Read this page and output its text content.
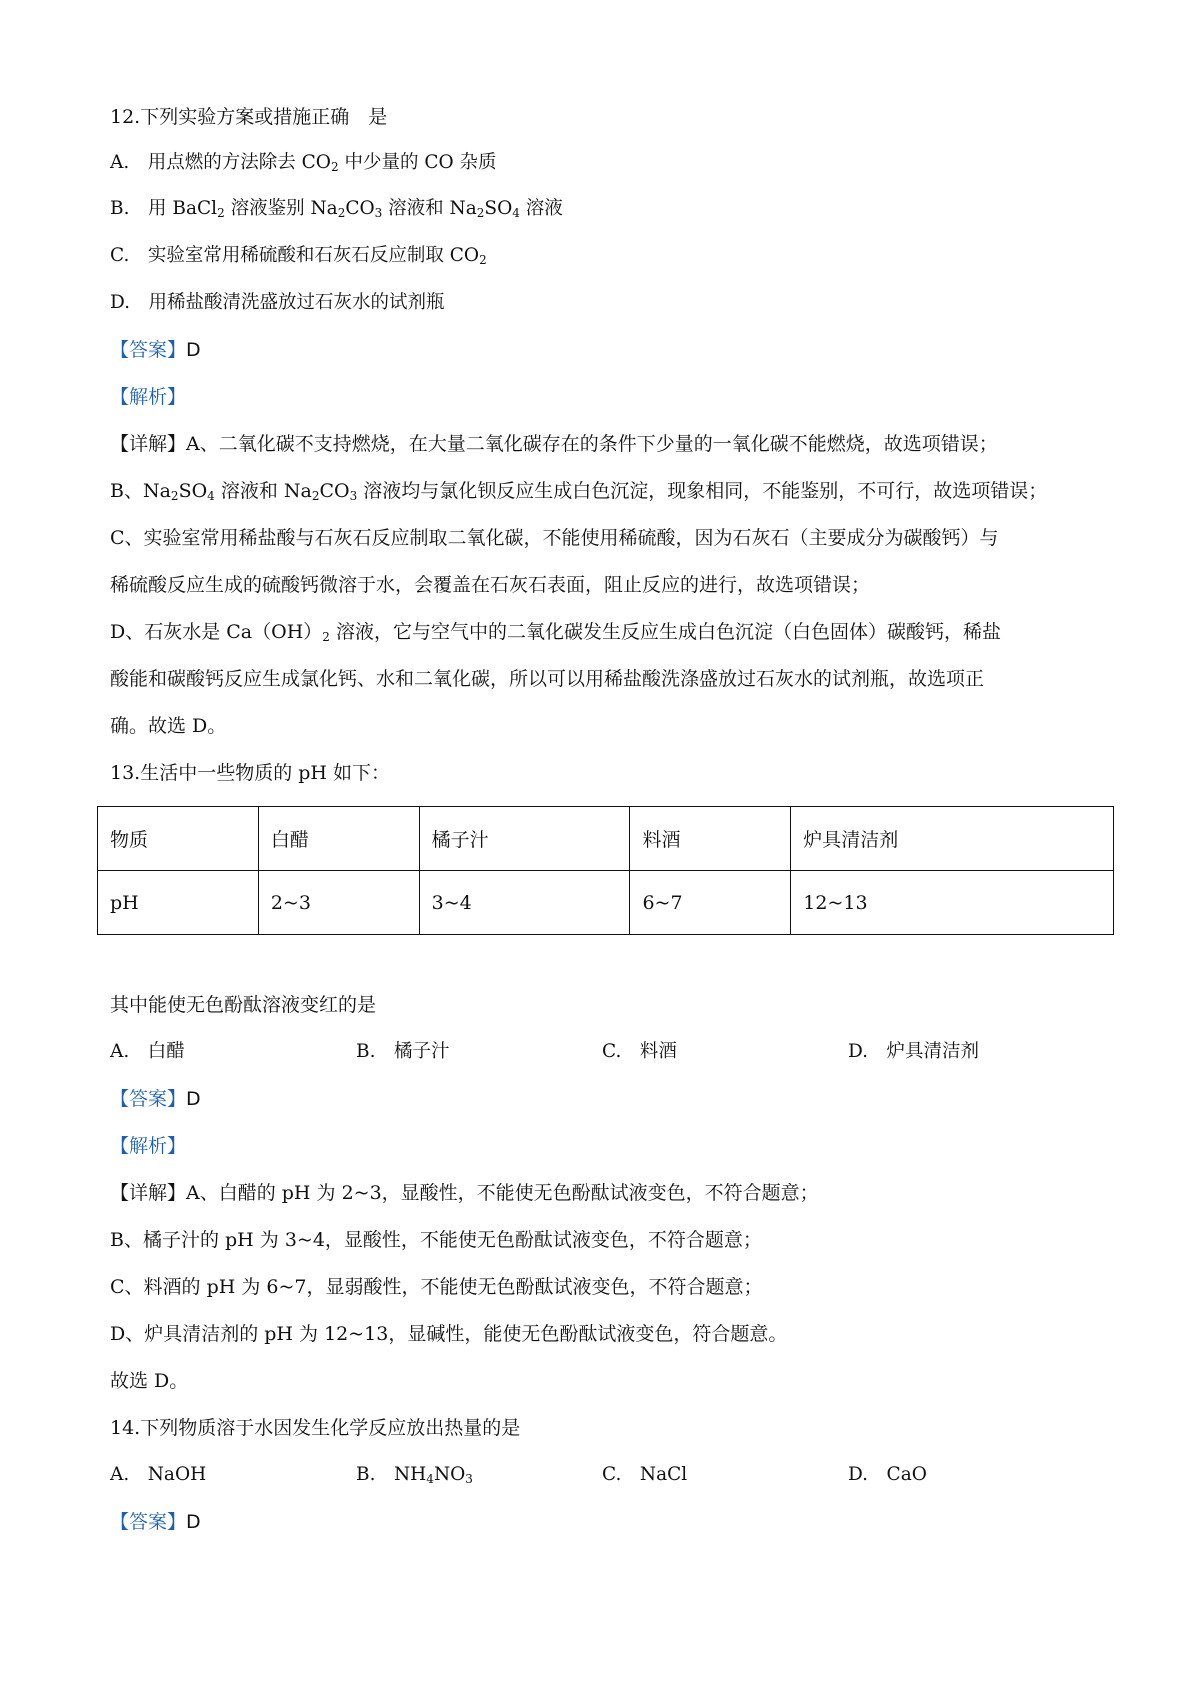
12.下列实验方案或措施正确　是
A.　用点燃的方法除去 $CO_2$ 中少量的 CO 杂质
B.　用 BaCl$_2$ 溶液鉴别 $Na_2CO_3$ 溶液和 $Na_2SO_4$ 溶液
C.　实验室常用稀硫酸和石灰石反应制取 $CO_2$
D.　用稀盐酸清洗盛放过石灰水的试剂瓶
【答案】D
【解析】
【详解】A、二氧化碳不支持燃烧，在大量二氧化碳存在的条件下少量的一氧化碳不能燃烧，故选项错误；
B、$Na_2SO_4$ 溶液和 $Na_2CO_3$ 溶液均与氯化钡反应生成白色沉淀，现象相同，不能鉴别，不可行，故选项错误；
C、实验室常用稀盐酸与石灰石反应制取二氧化碳，不能使用稀硫酸，因为石灰石（主要成分为碳酸钙）与
稀硫酸反应生成的硫酸钙微溶于水，会覆盖在石灰石表面，阻止反应的进行，故选项错误；
D、石灰水是 $Ca(OH)_2$ 溶液，它与空气中的二氧化碳发生反应生成白色沉淀（白色固体）碳酸钙，稀盐
酸能和碳酸钙反应生成氯化钙、水和二氧化碳，所以可以用稀盐酸洗涤盛放过石灰水的试剂瓶，故选项正
确。故选 D。
13.生活中一些物质的 pH 如下：
物质	白醋	橘子汁	料酒	炉具清洁剂
pH	2~3	3~4	6~7	12~13
其中能使无色酚酞溶液变红的是
A.　白醋	B.　橘子汁	C.　料酒	D.　炉具清洁剂
【答案】D
【解析】
【详解】A、白醋的 pH 为 2~3，显酸性，不能使无色酚酞试液变色，不符合题意；
B、橘子汁的 pH 为 3~4，显酸性，不能使无色酚酞试液变色，不符合题意；
C、料酒的 pH 为 6~7，显弱酸性，不能使无色酚酞试液变色，不符合题意；
D、炉具清洁剂的 pH 为 12~13，显碱性，能使无色酚酞试液变色，符合题意。
故选 D。
14.下列物质溶于水因发生化学反应放出热量的是
A.　NaOH	B.　$NH_4NO_3$	C.　NaCl	D.　CaO
【答案】D
